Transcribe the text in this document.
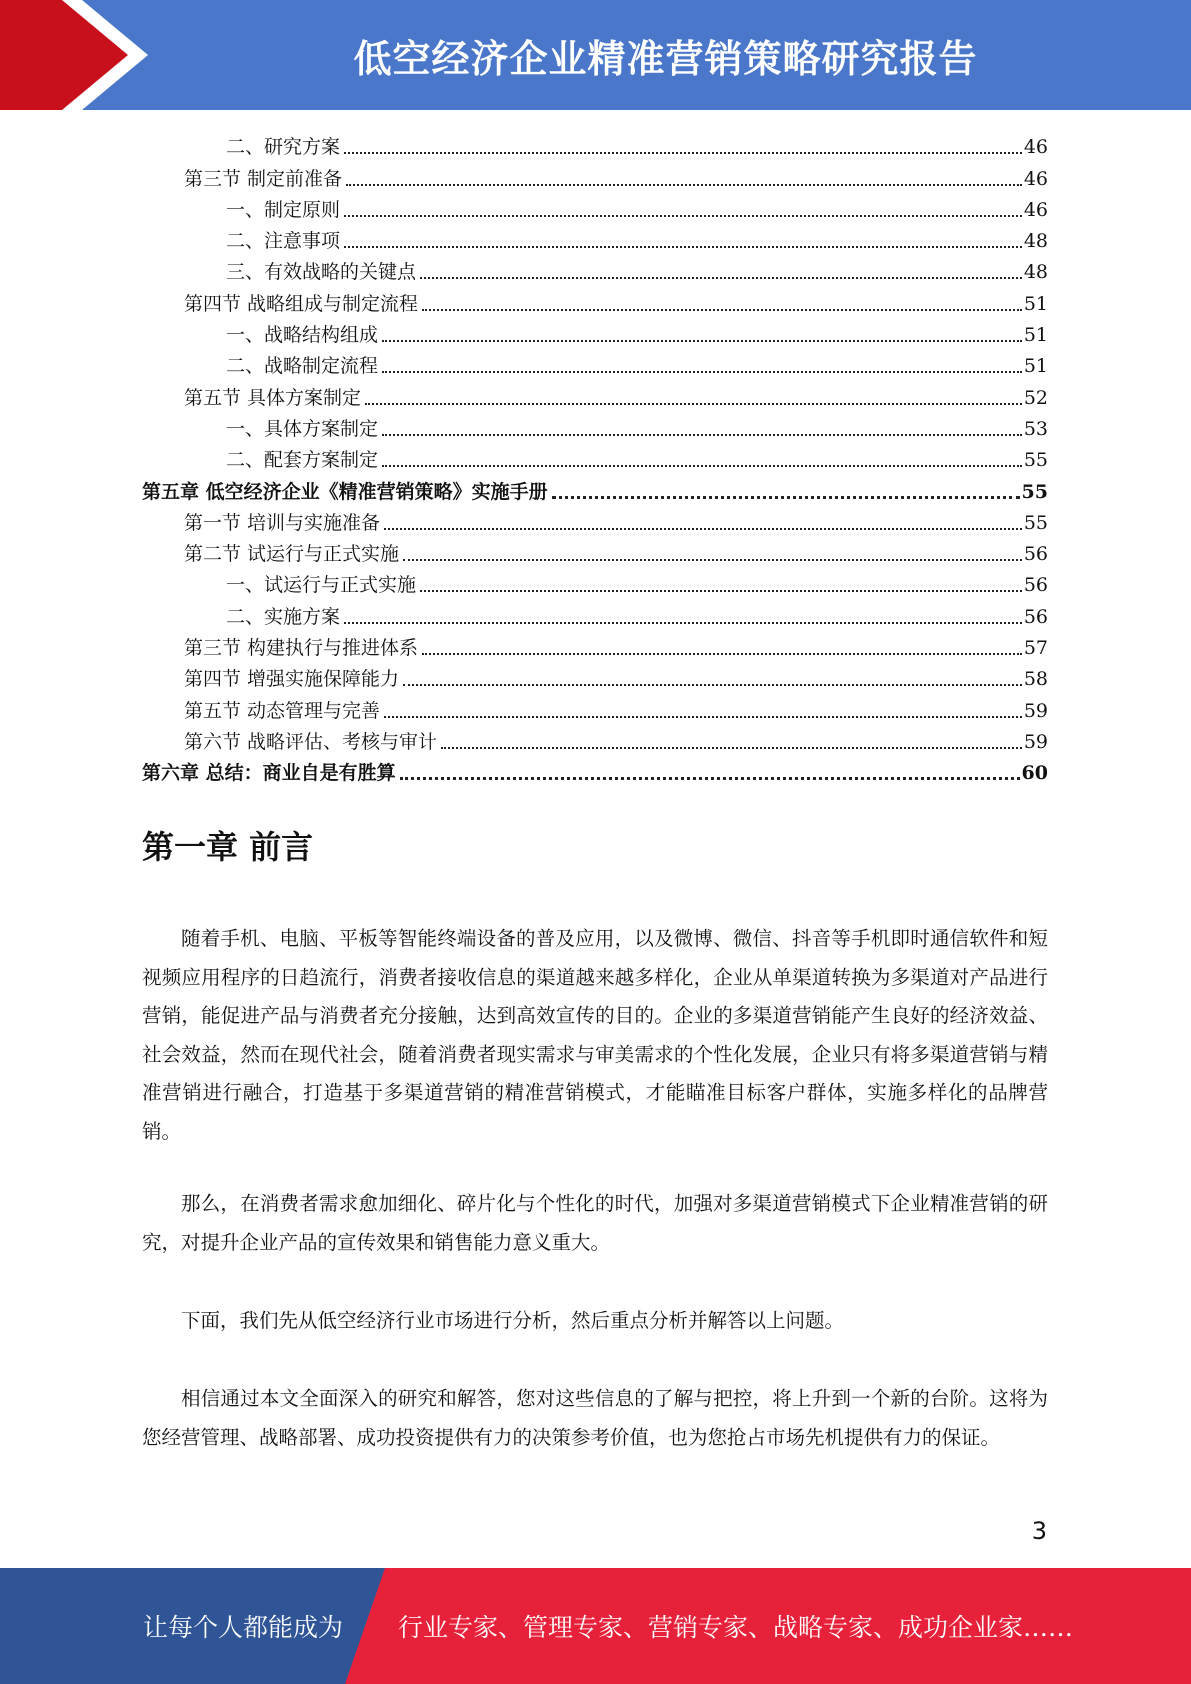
低空经济企业精准营销策略研究报告
二、研究方案	46
第三节 制定前准备	46
一、制定原则	46
二、注意事项	48
三、有效战略的关键点	48
第四节 战略组成与制定流程	51
一、战略结构组成	51
二、战略制定流程	51
第五节 具体方案制定	52
一、具体方案制定	53
二、配套方案制定	55
第五章 低空经济企业《精准营销策略》实施手册	55
第一节 培训与实施准备	55
第二节 试运行与正式实施	56
一、试运行与正式实施	56
二、实施方案	56
第三节 构建执行与推进体系	57
第四节 增强实施保障能力	58
第五节 动态管理与完善	59
第六节 战略评估、考核与审计	59
第六章 总结：商业自是有胜算	60
第一章 前言

随着手机、电脑、平板等智能终端设备的普及应用，以及微博、微信、抖音等手机即时通信软件和短视频应用程序的日趋流行，消费者接收信息的渠道越来越多样化，企业从单渠道转换为多渠道对产品进行营销，能促进产品与消费者充分接触，达到高效宣传的目的。企业的多渠道营销能产生良好的经济效益、社会效益，然而在现代社会，随着消费者现实需求与审美需求的个性化发展，企业只有将多渠道营销与精准营销进行融合，打造基于多渠道营销的精准营销模式，才能瞄准目标客户群体，实施多样化的品牌营销。

那么，在消费者需求愈加细化、碎片化与个性化的时代，加强对多渠道营销模式下企业精准营销的研究，对提升企业产品的宣传效果和销售能力意义重大。

下面，我们先从低空经济行业市场进行分析，然后重点分析并解答以上问题。

相信通过本文全面深入的研究和解答，您对这些信息的了解与把控，将上升到一个新的台阶。这将为您经营管理、战略部署、成功投资提供有力的决策参考价值，也为您抢占市场先机提供有力的保证。

3
让每个人都能成为 行业专家、管理专家、营销专家、战略专家、成功企业家……
